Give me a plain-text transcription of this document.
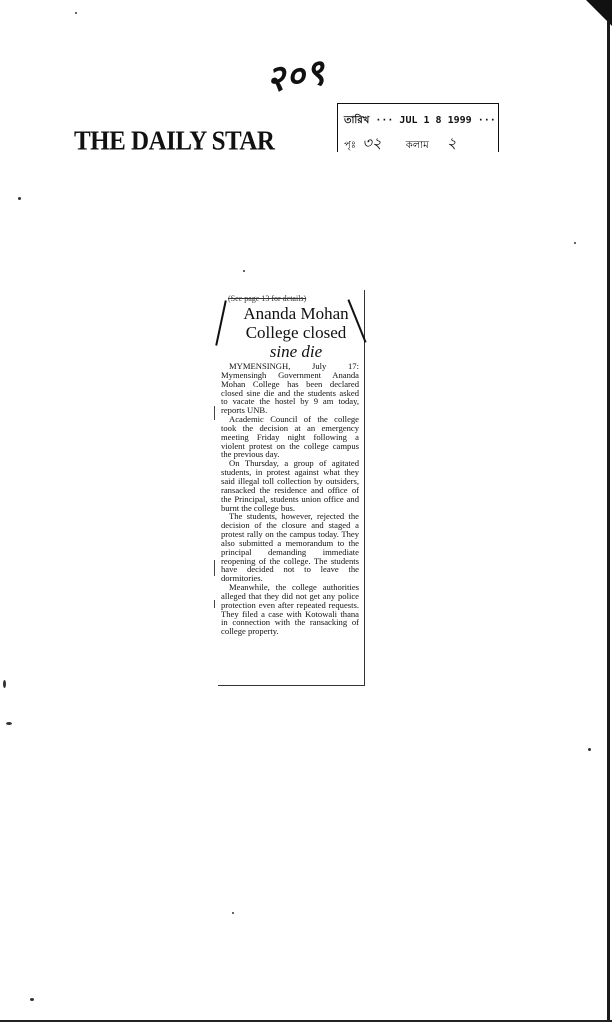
२०९
THE DAILY STAR
তারিখ ··· JUL 1 8 1999 ···
পৃঃ ৩২ কলাম ২
(See page 13 for details)
Ananda Mohan
College closed
sine die

MYMENSINGH, July 17: Mymensingh Government Ananda Mohan College has been declared closed sine die and the students asked to vacate the hostel by 9 am today, reports UNB.

Academic Council of the college took the decision at an emergency meeting Friday night following a violent protest on the college campus the previous day.

On Thursday, a group of agitated students, in protest against what they said illegal toll collection by outsiders, ransacked the residence and office of the Principal, students union office and burnt the college bus.

The students, however, rejected the decision of the closure and staged a protest rally on the campus today. They also submitted a memorandum to the principal demanding immediate reopening of the college. The students have decided not to leave the dormitories.

Meanwhile, the college authorities alleged that they did not get any police protection even after repeated requests. They filed a case with Kotowali thana in connection with the ransacking of college property.
